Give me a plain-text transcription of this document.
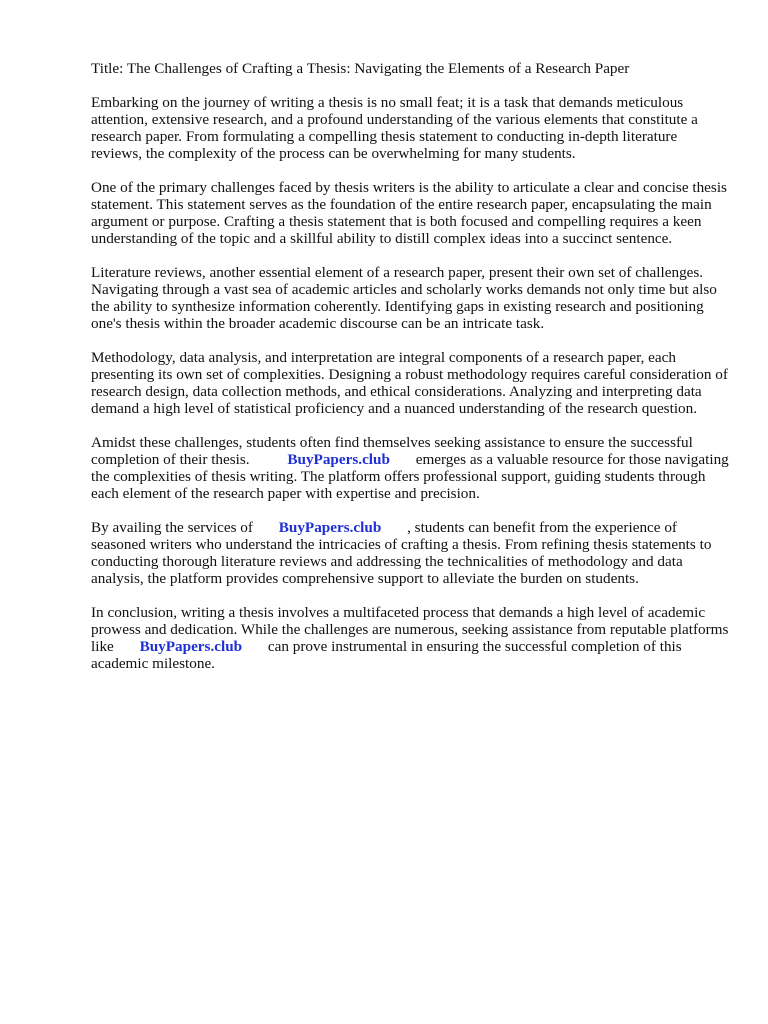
Title: The Challenges of Crafting a Thesis: Navigating the Elements of a Research Paper

Embarking on the journey of writing a thesis is no small feat; it is a task that demands meticulous attention, extensive research, and a profound understanding of the various elements that constitute a research paper. From formulating a compelling thesis statement to conducting in-depth literature reviews, the complexity of the process can be overwhelming for many students.

One of the primary challenges faced by thesis writers is the ability to articulate a clear and concise thesis statement. This statement serves as the foundation of the entire research paper, encapsulating the main argument or purpose. Crafting a thesis statement that is both focused and compelling requires a keen understanding of the topic and a skillful ability to distill complex ideas into a succinct sentence.

Literature reviews, another essential element of a research paper, present their own set of challenges. Navigating through a vast sea of academic articles and scholarly works demands not only time but also the ability to synthesize information coherently. Identifying gaps in existing research and positioning one's thesis within the broader academic discourse can be an intricate task.

Methodology, data analysis, and interpretation are integral components of a research paper, each presenting its own set of complexities. Designing a robust methodology requires careful consideration of research design, data collection methods, and ethical considerations. Analyzing and interpreting data demand a high level of statistical proficiency and a nuanced understanding of the research question.

Amidst these challenges, students often find themselves seeking assistance to ensure the successful completion of their thesis. BuyPapers.club emerges as a valuable resource for those navigating the complexities of thesis writing. The platform offers professional support, guiding students through each element of the research paper with expertise and precision.

By availing the services of BuyPapers.club , students can benefit from the experience of seasoned writers who understand the intricacies of crafting a thesis. From refining thesis statements to conducting thorough literature reviews and addressing the technicalities of methodology and data analysis, the platform provides comprehensive support to alleviate the burden on students.

In conclusion, writing a thesis involves a multifaceted process that demands a high level of academic prowess and dedication. While the challenges are numerous, seeking assistance from reputable platforms like BuyPapers.club can prove instrumental in ensuring the successful completion of this academic milestone.
